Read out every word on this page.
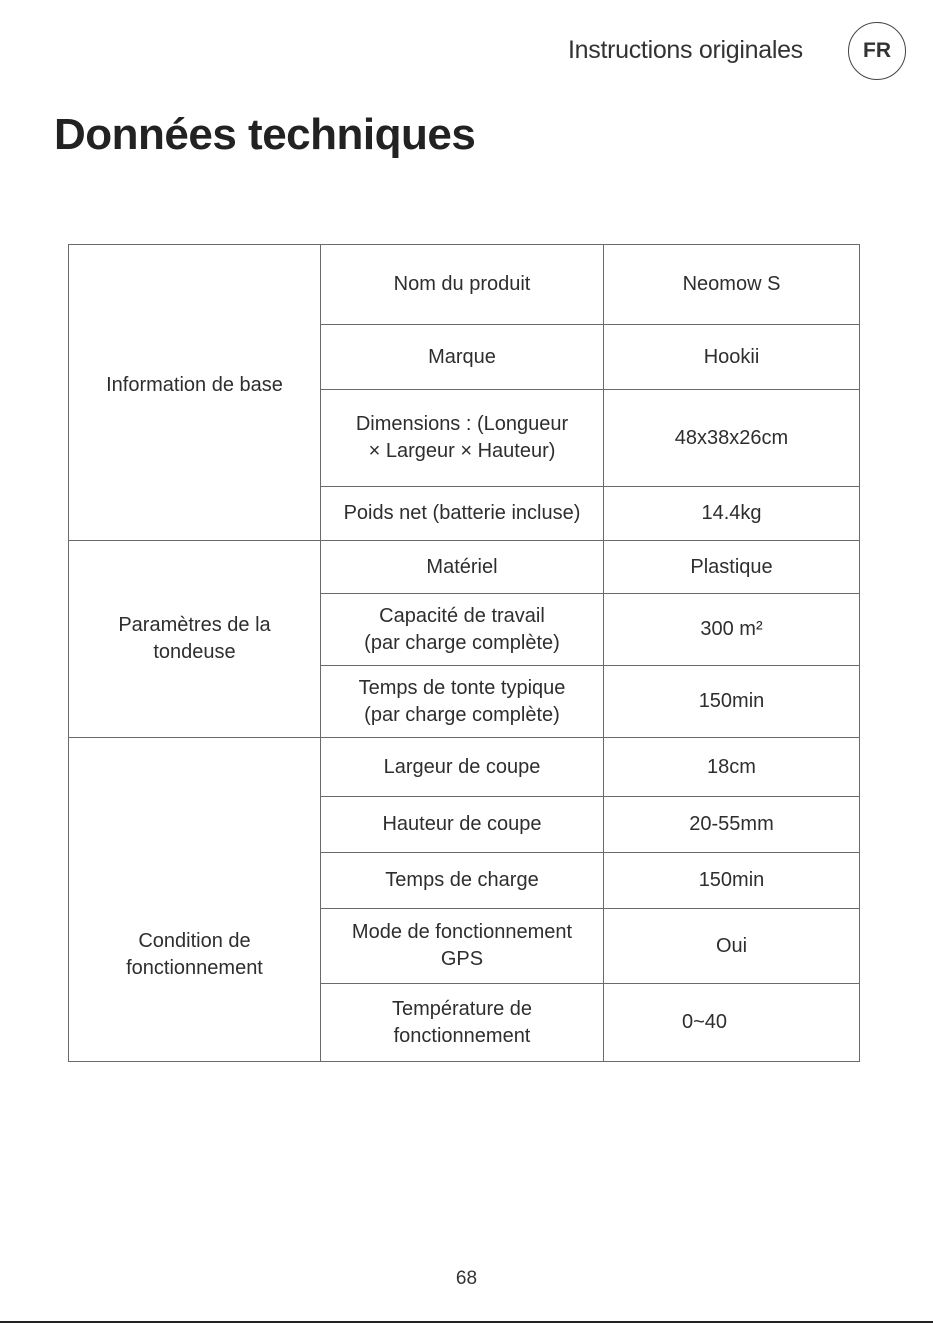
Instructions originales	FR
Données techniques
Information de base	Nom du produit	Neomow S
	Marque	Hookii
	Dimensions : (Longueur
× Largeur × Hauteur)	48x38x26cm
	Poids net (batterie incluse)	14.4kg
Paramètres de la
tondeuse	Matériel	Plastique
	Capacité de travail
(par charge complète)	300 m²
	Temps de tonte typique
(par charge complète)	150min
Condition de
fonctionnement	Largeur de coupe	18cm
	Hauteur de coupe	20-55mm
	Temps de charge	150min
	Mode de fonctionnement
GPS	Oui
	Température de
fonctionnement	0~40
68
